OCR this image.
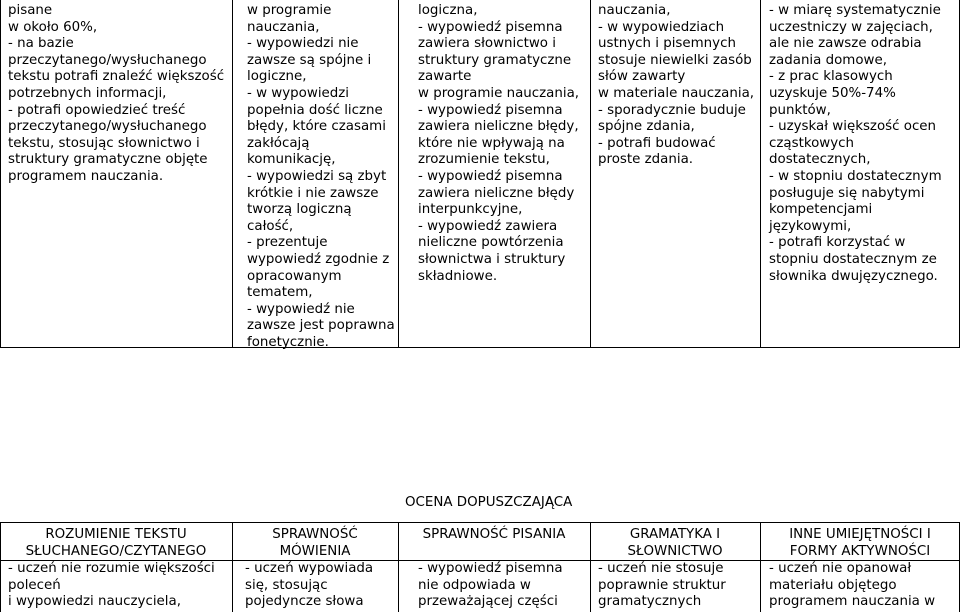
pisane
w około 60%,
- na bazie
przeczytanego/wysłuchanego
tekstu potrafi znaleźć większość
potrzebnych informacji,
- potrafi opowiedzieć treść
przeczytanego/wysłuchanego
tekstu, stosując słownictwo i
struktury gramatyczne objęte
programem nauczania.
w programie
nauczania,
- wypowiedzi nie
zawsze są spójne i
logiczne,
- w wypowiedzi
popełnia dość liczne
błędy, które czasami
zakłócają
komunikację,
- wypowiedzi są zbyt
krótkie i nie zawsze
tworzą logiczną
całość,
- prezentuje
wypowiedź zgodnie z
opracowanym
tematem,
- wypowiedź nie
zawsze jest poprawna
fonetycznie.
logiczna,
- wypowiedź pisemna
zawiera słownictwo i
struktury gramatyczne
zawarte
w programie nauczania,
- wypowiedź pisemna
zawiera nieliczne błędy,
które nie wpływają na
zrozumienie tekstu,
- wypowiedź pisemna
zawiera nieliczne błędy
interpunkcyjne,
- wypowiedź zawiera
nieliczne powtórzenia
słownictwa i struktury
składniowe.
nauczania,
- w wypowiedziach
ustnych i pisemnych
stosuje niewielki zasób
słów zawarty
w materiale nauczania,
- sporadycznie buduje
spójne zdania,
- potrafi budować
proste zdania.
- w miarę systematycznie
uczestniczy w zajęciach,
ale nie zawsze odrabia
zadania domowe,
- z prac klasowych
uzyskuje 50%-74%
punktów,
- uzyskał większość ocen
cząstkowych
dostatecznych,
- w stopniu dostatecznym
posługuje się nabytymi
kompetencjami
językowymi,
- potrafi korzystać w
stopniu dostatecznym ze
słownika dwujęzycznego.
OCENA DOPUSZCZAJĄCA
ROZUMIENIE TEKSTU
SŁUCHANEGO/CZYTANEGO
SPRAWNOŚĆ
MÓWIENIA
SPRAWNOŚĆ PISANIA	GRAMATYKA I
SŁOWNICTWO
INNE UMIEJĘTNOŚCI I
FORMY AKTYWNOŚCI
- uczeń nie rozumie większości
poleceń
i wypowiedzi nauczyciela,
- uczeń wypowiada
się, stosując
pojedyncze słowa
- wypowiedź pisemna
nie odpowiada w
przeważającej części
- uczeń nie stosuje
poprawnie struktur
gramatycznych
- uczeń nie opanował
materiału objętego
programem nauczania w
